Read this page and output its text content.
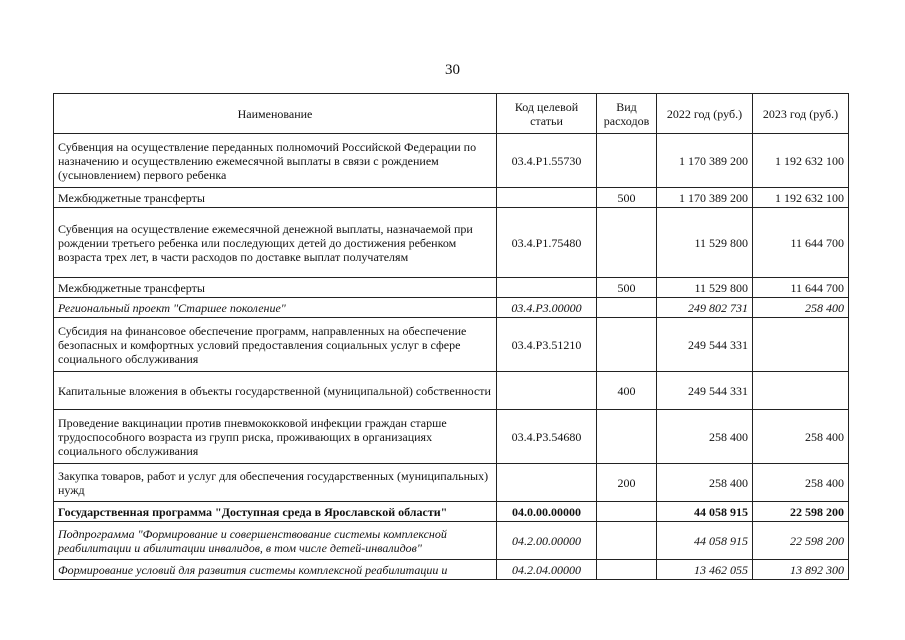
30
Наименование	Код целевой статьи	Вид расходов	2022 год (руб.)	2023 год (руб.)
Субвенция на осуществление переданных полномочий Российской Федерации по назначению и осуществлению ежемесячной выплаты в связи с рождением (усыновлением) первого ребенка	03.4.P1.55730		1 170 389 200	1 192 632 100
Межбюджетные трансферты		500	1 170 389 200	1 192 632 100
Субвенция на осуществление ежемесячной денежной выплаты, назначаемой при рождении третьего ребенка или последующих детей до достижения ребенком возраста трех лет, в части расходов по доставке выплат получателям	03.4.P1.75480		11 529 800	11 644 700
Межбюджетные трансферты		500	11 529 800	11 644 700
Региональный проект "Старшее поколение"	03.4.P3.00000		249 802 731	258 400
Субсидия на финансовое обеспечение программ, направленных на обеспечение безопасных и комфортных условий предоставления социальных услуг в сфере социального обслуживания	03.4.P3.51210		249 544 331	
Капитальные вложения в объекты государственной (муниципальной) собственности		400	249 544 331	
Проведение вакцинации против пневмококковой инфекции граждан старше трудоспособного возраста из групп риска, проживающих в организациях социального обслуживания	03.4.P3.54680		258 400	258 400
Закупка товаров, работ и услуг для обеспечения государственных (муниципальных) нужд		200	258 400	258 400
Государственная программа "Доступная среда в Ярославской области"	04.0.00.00000		44 058 915	22 598 200
Подпрограмма "Формирование и совершенствование системы комплексной реабилитации и абилитации инвалидов, в том числе детей-инвалидов"	04.2.00.00000		44 058 915	22 598 200
Формирование условий для развития системы комплексной реабилитации и	04.2.04.00000		13 462 055	13 892 300
